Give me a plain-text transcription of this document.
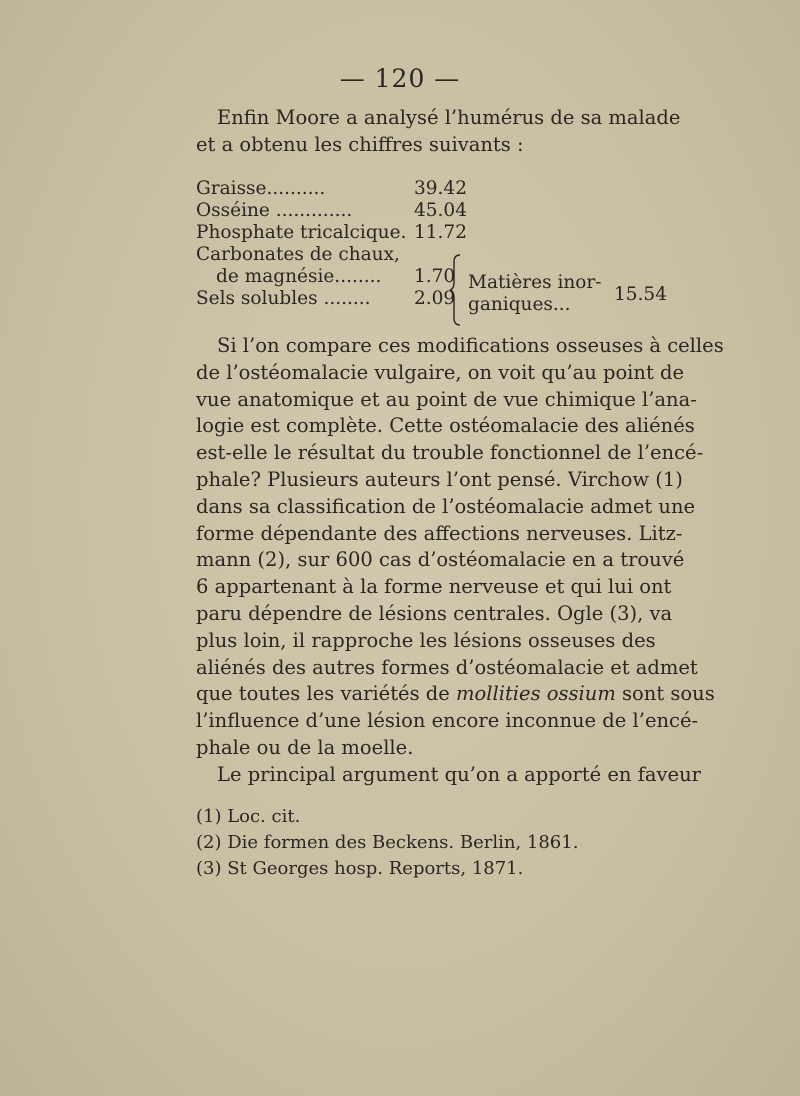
— 120 —
Enfin Moore a analysé l’humérus de sa malade
et a obtenu les chiffres suivants :
Graisse..........	39.42
Osséine .............	45.04
Phosphate tricalcique. 11.72
Carbonates de chaux,
de magnésie........ 1.70
Sels solubles ........ 2.09
Matières inor-
ganiques...	15.54
Si l’on compare ces modifications osseuses à celles
de l’ostéomalacie vulgaire, on voit qu’au point de
vue anatomique et au point de vue chimique l’ana-
logie est complète. Cette ostéomalacie des aliénés
est-elle le résultat du trouble fonctionnel de l’encé-
phale? Plusieurs auteurs l’ont pensé. Virchow (1)
dans sa classification de l’ostéomalacie admet une
forme dépendante des affections nerveuses. Litz-
mann (2), sur 600 cas d’ostéomalacie en a trouvé
6 appartenant à la forme nerveuse et qui lui ont
paru dépendre de lésions centrales. Ogle (3), va
plus loin, il rapproche les lésions osseuses des
aliénés des autres formes d’ostéomalacie et admet
que toutes les variétés de mollities ossium sont sous
l’influence d’une lésion encore inconnue de l’encé-
phale ou de la moelle.
Le principal argument qu’on a apporté en faveur
(1) Loc. cit.
(2) Die formen des Beckens. Berlin, 1861.
(3) St Georges hosp. Reports, 1871.
